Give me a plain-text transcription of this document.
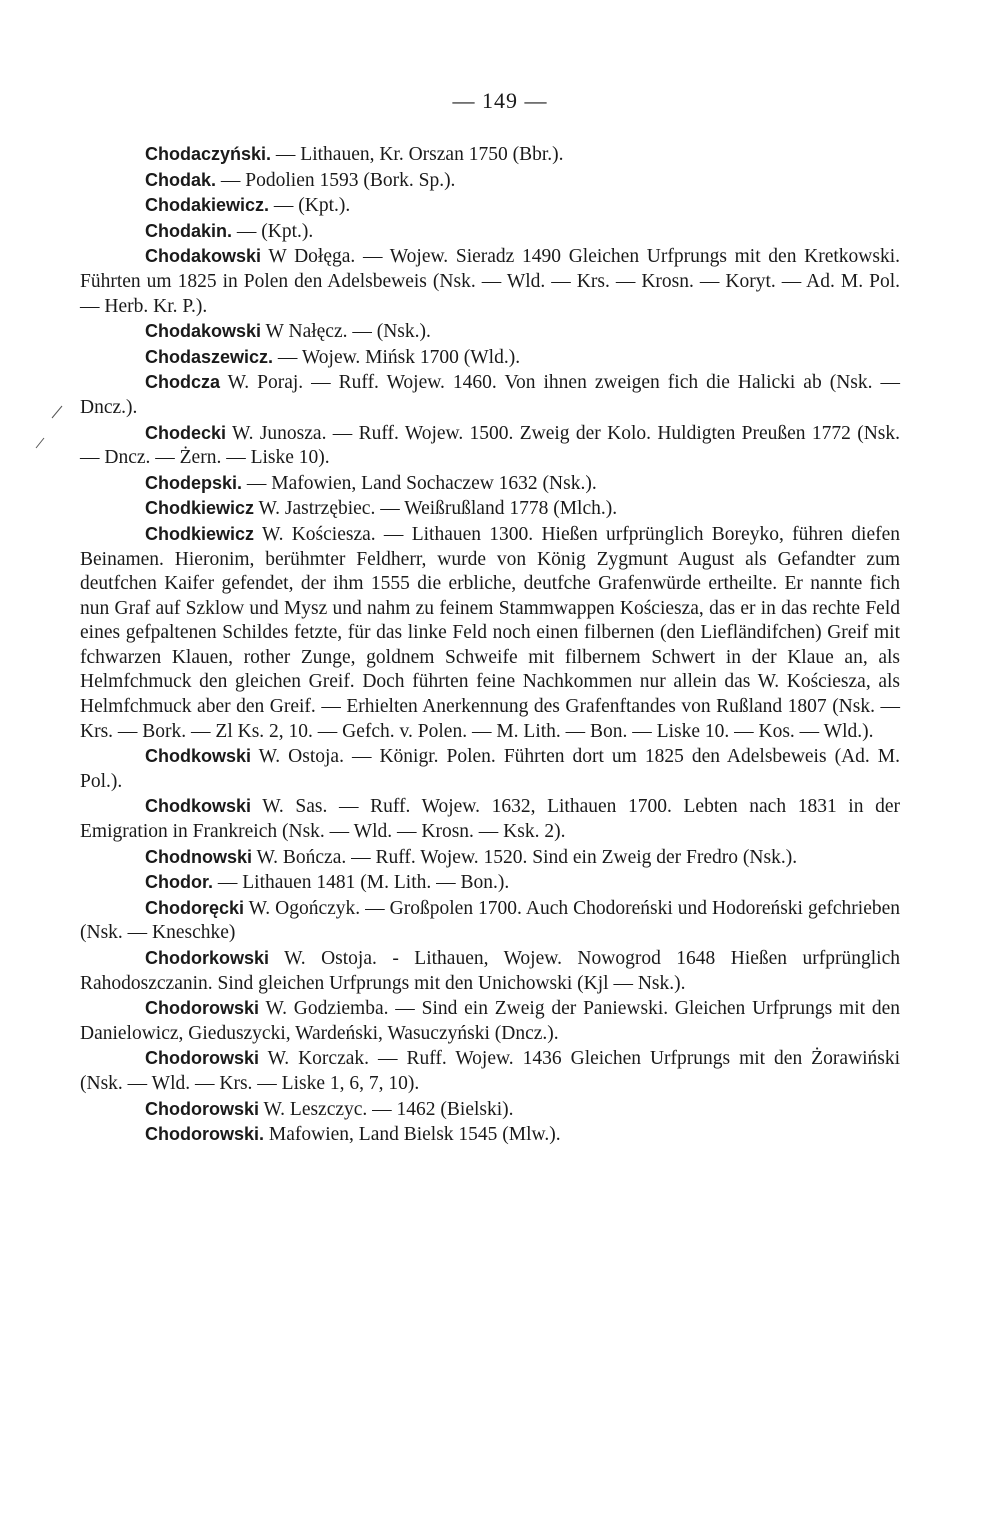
— 149 —

Chodaczyński. — Lithauen, Kr. Orszan 1750 (Bbr.).

Chodak. — Podolien 1593 (Bork. Sp.).

Chodakiewicz. — (Kpt.).

Chodakin. — (Kpt.).

Chodakowski W Dołęga. — Wojew. Sieradz 1490 Gleichen Urfprungs mit den Kretkowski. Führten um 1825 in Polen den Adelsbeweis (Nsk. — Wld. — Krs. — Krosn. — Koryt. — Ad. M. Pol. — Herb. Kr. P.).

Chodakowski W Nałęcz. — (Nsk.).

Chodaszewicz. — Wojew. Mińsk 1700 (Wld.).

Chodcza W. Poraj. — Ruff. Wojew. 1460. Von ihnen zweigen fich die Halicki ab (Nsk. — Dncz.).

Chodecki W. Junosza. — Ruff. Wojew. 1500. Zweig der Kolo. Huldigten Preußen 1772 (Nsk. — Dncz. — Żern. — Liske 10).

Chodepski. — Mafowien, Land Sochaczew 1632 (Nsk.).

Chodkiewicz W. Jastrzębiec. — Weißrußland 1778 (Mlch.).

Chodkiewicz W. Kościesza. — Lithauen 1300. Hießen urfprünglich Boreyko, führen diefen Beinamen. Hieronim, berühmter Feldherr, wurde von König Zygmunt August als Gefandter zum deutfchen Kaifer gefendet, der ihm 1555 die erbliche, deutfche Grafenwürde ertheilte. Er nannte fich nun Graf auf Szklow und Mysz und nahm zu feinem Stammwappen Kościesza, das er in das rechte Feld eines gefpaltenen Schildes fetzte, für das linke Feld noch einen filbernen (den Liefländifchen) Greif mit fchwarzen Klauen, rother Zunge, goldnem Schweife mit filbernem Schwert in der Klaue an, als Helmfchmuck den gleichen Greif. Doch führten feine Nachkommen nur allein das W. Kościesza, als Helmfchmuck aber den Greif. — Erhielten Anerkennung des Grafenftandes von Rußland 1807 (Nsk. — Krs. — Bork. — Zl Ks. 2, 10. — Gefch. v. Polen. — M. Lith. — Bon. — Liske 10. — Kos. — Wld.).

Chodkowski W. Ostoja. — Königr. Polen. Führten dort um 1825 den Adelsbeweis (Ad. M. Pol.).

Chodkowski W. Sas. — Ruff. Wojew. 1632, Lithauen 1700. Lebten nach 1831 in der Emigration in Frankreich (Nsk. — Wld. — Krosn. — Ksk. 2).

Chodnowski W. Bończa. — Ruff. Wojew. 1520. Sind ein Zweig der Fredro (Nsk.).

Chodor. — Lithauen 1481 (M. Lith. — Bon.).

Chodoręcki W. Ogończyk. — Großpolen 1700. Auch Chodoreński und Hodoreński gefchrieben (Nsk. — Kneschke)

Chodorkowski W. Ostoja. - Lithauen, Wojew. Nowogrod 1648 Hießen urfprünglich Rahodoszczanin. Sind gleichen Urfprungs mit den Unichowski (Kjl — Nsk.).

Chodorowski W. Godziemba. — Sind ein Zweig der Paniewski. Gleichen Urfprungs mit den Danielowicz, Gieduszycki, Wardeński, Wasuczyński (Dncz.).

Chodorowski W. Korczak. — Ruff. Wojew. 1436 Gleichen Urfprungs mit den Żorawiński (Nsk. — Wld. — Krs. — Liske 1, 6, 7, 10).

Chodorowski W. Leszczyc. — 1462 (Bielski).

Chodorowski. Mafowien, Land Bielsk 1545 (Mlw.).
